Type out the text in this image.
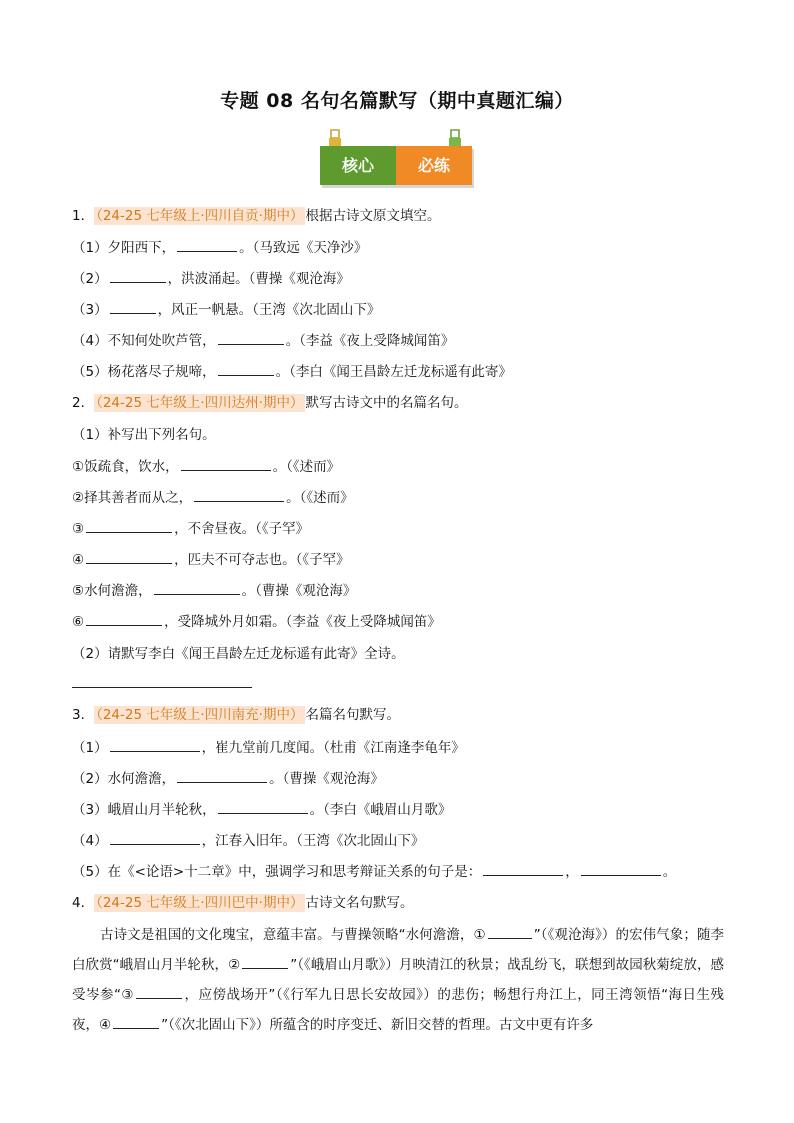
专题 08 名句名篇默写（期中真题汇编）
核心	必练
1． （24-25 七年级上·四川自贡·期中） 根据古诗文原文填空。
（1）夕阳西下，	。（马致远《天净沙》
（2）	，洪波涌起。（曹操《观沧海》
（3）	，风正一帆悬。（王湾《次北固山下》
（4）不知何处吹芦管，	。（李益《夜上受降城闻笛》
（5）杨花落尽子规啼，	。（李白《闻王昌龄左迁龙标遥有此寄》
2． （24-25 七年级上·四川达州·期中） 默写古诗文中的名篇名句。
（1）补写出下列名句。
①饭疏食，饮水，	。（《述而》
②择其善者而从之，	。（《述而》
③	，不舍昼夜。（《子罕》
④	，匹夫不可夺志也。（《子罕》
⑤水何澹澹，	。（曹操《观沧海》
⑥	，受降城外月如霜。（李益《夜上受降城闻笛》
（2）请默写李白《闻王昌龄左迁龙标遥有此寄》全诗。
3． （24-25 七年级上·四川南充·期中） 名篇名句默写。
（1）	，崔九堂前几度闻。（杜甫《江南逢李龟年》
（2）水何澹澹，	。（曹操《观沧海》
（3）峨眉山月半轮秋，	。（李白《峨眉山月歌》
（4）	，江春入旧年。（王湾《次北固山下》
（5）在《<论语>十二章》中，强调学习和思考辩证关系的句子是：	，	。
4． （24-25 七年级上·四川巴中·期中） 古诗文名句默写。
古诗文是祖国的文化瑰宝，意蕴丰富。与曹操领略“水何澹澹，①	”（《观沧海》）的宏伟气象；随李白欣赏“峨眉山月半轮秋，②	”（《峨眉山月歌》）月映清江的秋景；战乱纷飞，联想到故园秋菊绽放，感受岑参“③	，应傍战场开”（《行军九日思长安故园》）的悲伤；畅想行舟江上，同王湾领悟“海日生残夜，④	”（《次北固山下》）所蕴含的时序变迁、新旧交替的哲理。古文中更有许多
